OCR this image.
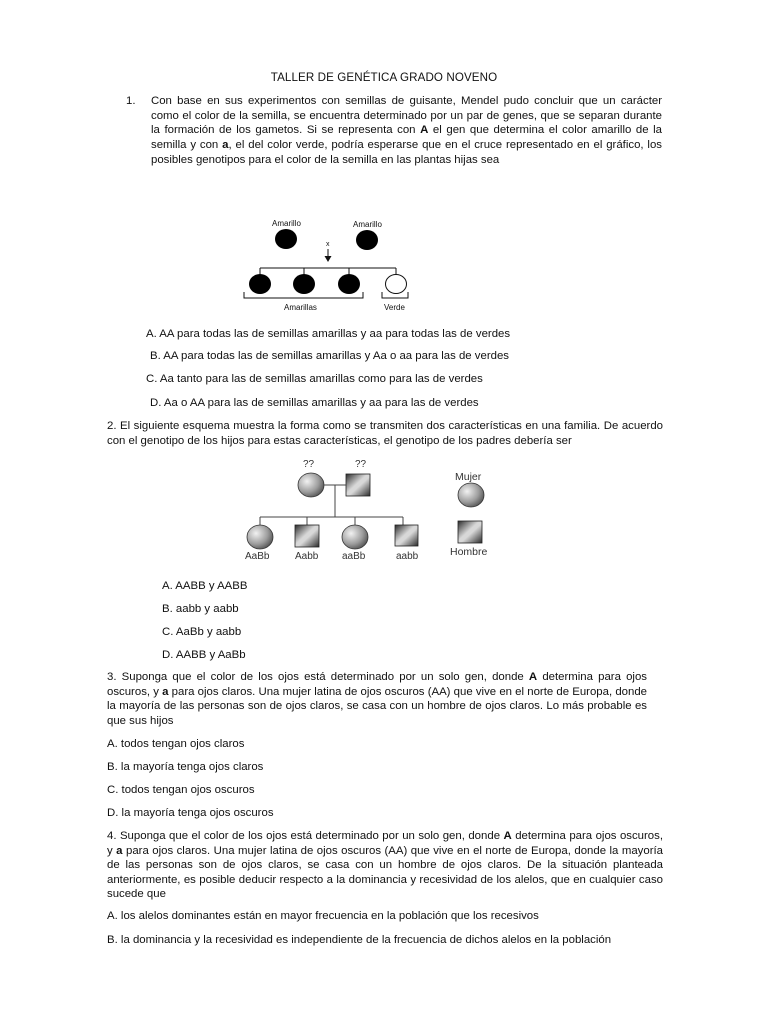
TALLER DE GENÉTICA GRADO NOVENO
1. Con base en sus experimentos con semillas de guisante, Mendel pudo concluir que un carácter como el color de la semilla, se encuentra determinado por un par de genes, que se separan durante la formación de los gametos. Si se representa con A el gen que determina el color amarillo de la semilla y con a, el del color verde, podría esperarse que en el cruce representado en el gráfico, los posibles genotipos para el color de la semilla en las plantas hijas sea
Amarillo	Amarillo
x
Amarillas	Verde
A. AA para todas las de semillas amarillas y aa para todas las de verdes
B. AA para todas las de semillas amarillas y Aa o aa para las de verdes
C. Aa tanto para las de semillas amarillas como para las de verdes
D. Aa o AA para las de semillas amarillas y aa para las de verdes
2. El siguiente esquema muestra la forma como se transmiten dos características en una familia. De acuerdo con el genotipo de los hijos para estas características, el genotipo de los padres debería ser
??	??
AaBb	Aabb aaBb	aabb
Mujer
Hombre
A. AABB y AABB
B. aabb y aabb
C. AaBb y aabb
D. AABB y AaBb
3. Suponga que el color de los ojos está determinado por un solo gen, donde A determina para ojos oscuros, y a para ojos claros. Una mujer latina de ojos oscuros (AA) que vive en el norte de Europa, donde la mayoría de las personas son de ojos claros, se casa con un hombre de ojos claros. Lo más probable es que sus hijos
A. todos tengan ojos claros
B. la mayoría tenga ojos claros
C. todos tengan ojos oscuros
D. la mayoría tenga ojos oscuros
4. Suponga que el color de los ojos está determinado por un solo gen, donde A determina para ojos oscuros, y a para ojos claros. Una mujer latina de ojos oscuros (AA) que vive en el norte de Europa, donde la mayoría de las personas son de ojos claros, se casa con un hombre de ojos claros. De la situación planteada anteriormente, es posible deducir respecto a la dominancia y recesividad de los alelos, que en cualquier caso sucede que
A. los alelos dominantes están en mayor frecuencia en la población que los recesivos
B. la dominancia y la recesividad es independiente de la frecuencia de dichos alelos en la población
